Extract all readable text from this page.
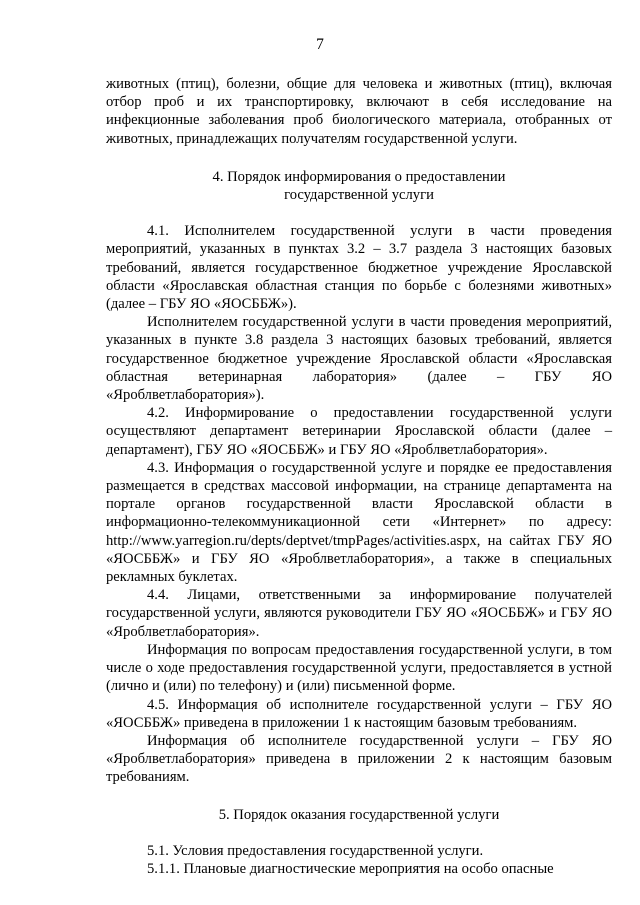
7

животных (птиц), болезни, общие для человека и животных (птиц), включая отбор проб и их транспортировку, включают в себя исследование на инфекционные заболевания проб биологического материала, отобранных от животных, принадлежащих получателям государственной услуги.

4. Порядок информирования о предоставлении
государственной услуги

4.1. Исполнителем государственной услуги в части проведения мероприятий, указанных в пунктах 3.2 – 3.7 раздела 3 настоящих базовых требований, является государственное бюджетное учреждение Ярославской области «Ярославская областная станция по борьбе с болезнями животных» (далее – ГБУ ЯО «ЯОСББЖ»).

Исполнителем государственной услуги в части проведения мероприятий, указанных в пункте 3.8 раздела 3 настоящих базовых требований, является государственное бюджетное учреждение Ярославской области «Ярославская областная ветеринарная лаборатория» (далее – ГБУ ЯО «Яроблветлаборатория»).

4.2. Информирование о предоставлении государственной услуги осуществляют департамент ветеринарии Ярославской области (далее – департамент), ГБУ ЯО «ЯОСББЖ» и ГБУ ЯО «Яроблветлаборатория».

4.3. Информация о государственной услуге и порядке ее предоставления размещается в средствах массовой информации, на странице департамента на портале органов государственной власти Ярославской области в информационно-телекоммуникационной сети «Интернет» по адресу: http://www.yarregion.ru/depts/deptvet/tmpPages/activities.aspx, на сайтах ГБУ ЯО «ЯОСББЖ» и ГБУ ЯО «Яроблветлаборатория», а также в специальных рекламных буклетах.

4.4. Лицами, ответственными за информирование получателей государственной услуги, являются руководители ГБУ ЯО «ЯОСББЖ» и ГБУ ЯО «Яроблветлаборатория».

Информация по вопросам предоставления государственной услуги, в том числе о ходе предоставления государственной услуги, предоставляется в устной (лично и (или) по телефону) и (или) письменной форме.

4.5. Информация об исполнителе государственной услуги – ГБУ ЯО «ЯОСББЖ» приведена в приложении 1 к настоящим базовым требованиям.

Информация об исполнителе государственной услуги – ГБУ ЯО «Яроблветлаборатория» приведена в приложении 2 к настоящим базовым требованиям.

5. Порядок оказания государственной услуги

5.1. Условия предоставления государственной услуги.

5.1.1. Плановые диагностические мероприятия на особо опасные
